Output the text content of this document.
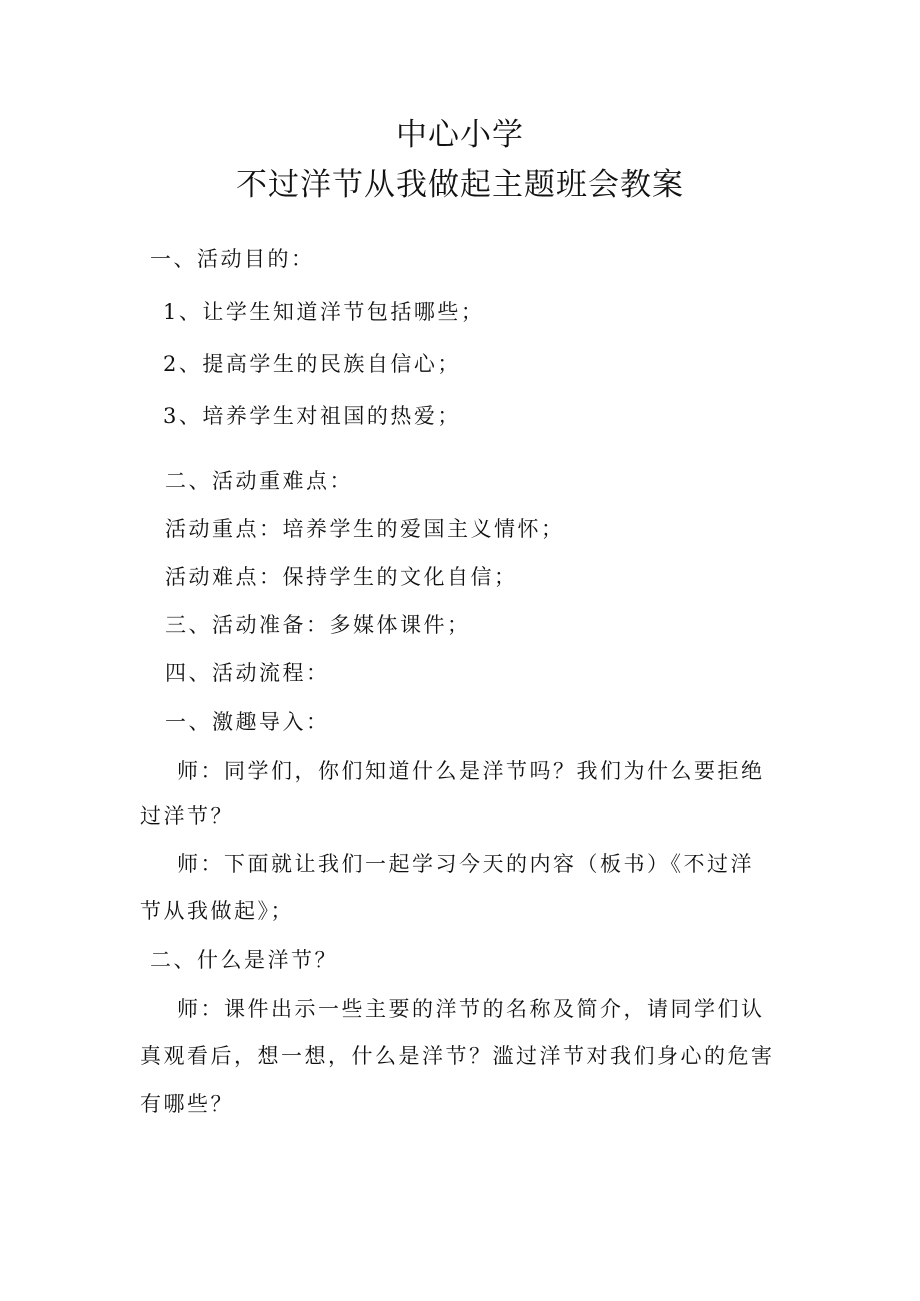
中心小学
不过洋节从我做起主题班会教案
一、活动目的：
1、让学生知道洋节包括哪些；
2、提高学生的民族自信心；
3、培养学生对祖国的热爱；
二、活动重难点：
活动重点：培养学生的爱国主义情怀；
活动难点：保持学生的文化自信；
三、活动准备：多媒体课件；
四、活动流程：
一、激趣导入：
师：同学们，你们知道什么是洋节吗？我们为什么要拒绝
过洋节？
师：下面就让我们一起学习今天的内容（板书）《不过洋
节从我做起》；
二、什么是洋节？
师：课件出示一些主要的洋节的名称及简介，请同学们认
真观看后，想一想，什么是洋节？滥过洋节对我们身心的危害
有哪些？
